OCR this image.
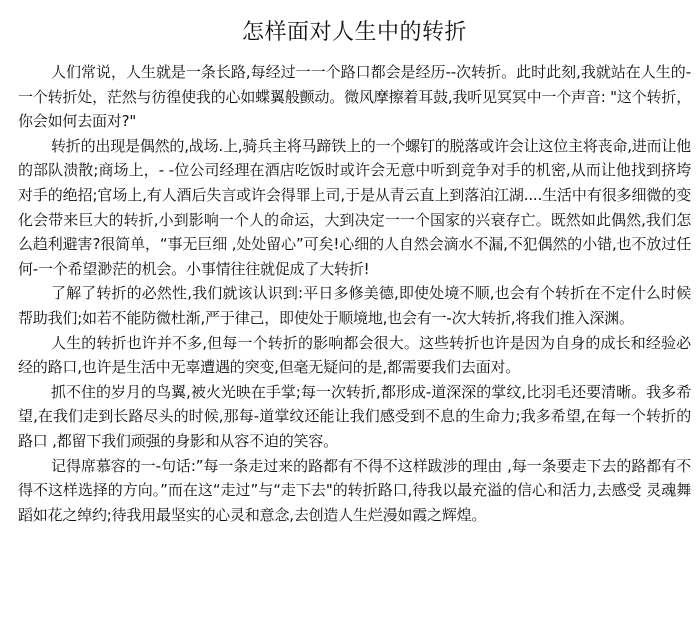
怎样面对人生中的转折

人们常说，人生就是一条长路,每经过一一个路口都会是经历--次转折。此时此刻,我就站在人生的-一个转折处，茫然与彷徨使我的心如蝶翼般颤动。微风摩擦着耳鼓,我听见冥冥中一个声音: "这个转折，你会如何去面对?"

转折的出现是偶然的,战场.上,骑兵主将马蹄铁上的一个螺钉的脱落或许会让这位主将丧命,进而让他的部队溃散;商场上，- -位公司经理在酒店吃饭时或许会无意中听到竞争对手的机密,从而让他找到挤垮对手的绝招;官场上,有人酒后失言或许会得罪上司,于是从青云直上到落泊江湖....生活中有很多细微的变化会带来巨大的转折,小到影响一个人的命运，大到决定一一个国家的兴衰存亡。既然如此偶然,我们怎么趋利避害?很简单，“事无巨细 ,处处留心”可矣!心细的人自然会滴水不漏,不犯偶然的小错,也不放过任何-一个希望渺茫的机会。小事情往往就促成了大转折!

了解了转折的必然性,我们就该认识到:平日多修美德,即使处境不顺,也会有个转折在不定什么时候帮助我们;如若不能防微杜渐,严于律己，即使处于顺境地,也会有一-次大转折,将我们推入深渊。

人生的转折也许并不多,但每一个转折的影响都会很大。这些转折也许是因为自身的成长和经验必经的路口,也许是生活中无辜遭遇的突变,但毫无疑问的是,都需要我们去面对。

抓不住的岁月的鸟翼,被火光映在手掌;每一次转折,都形成-道深深的掌纹,比羽毛还要清晰。我多希望,在我们走到长路尽头的时候,那每-道掌纹还能让我们感受到不息的生命力;我多希望,在每一个转折的路口 ,都留下我们顽强的身影和从容不迫的笑容。

记得席慕容的一-句话:”每一条走过来的路都有不得不这样跋涉的理由 ,每一条要走下去的路都有不得不这样选择的方向。”而在这“走过”与“走下去"的转折路口,待我以最充溢的信心和活力,去感受 灵魂舞蹈如花之绰约;待我用最坚实的心灵和意念,去创造人生烂漫如霞之辉煌。
